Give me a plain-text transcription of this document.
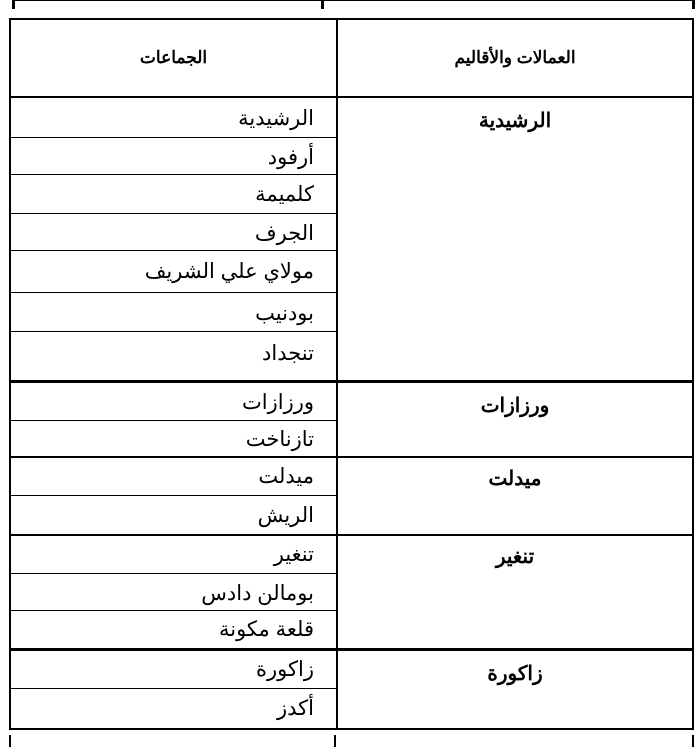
الجماعات	العمالات والأقاليم
الرشيدية
أرفود
كلميمة
الجرف
مولاي علي الشريف
بودنيب
تنجداد
الرشيدية
ورزازات
تازناخت
ورزازات
ميدلت
الريش
ميدلت
تنغير
بومالن دادس
قلعة مكونة
تنغير
زاكورة
أكدز
زاكورة
